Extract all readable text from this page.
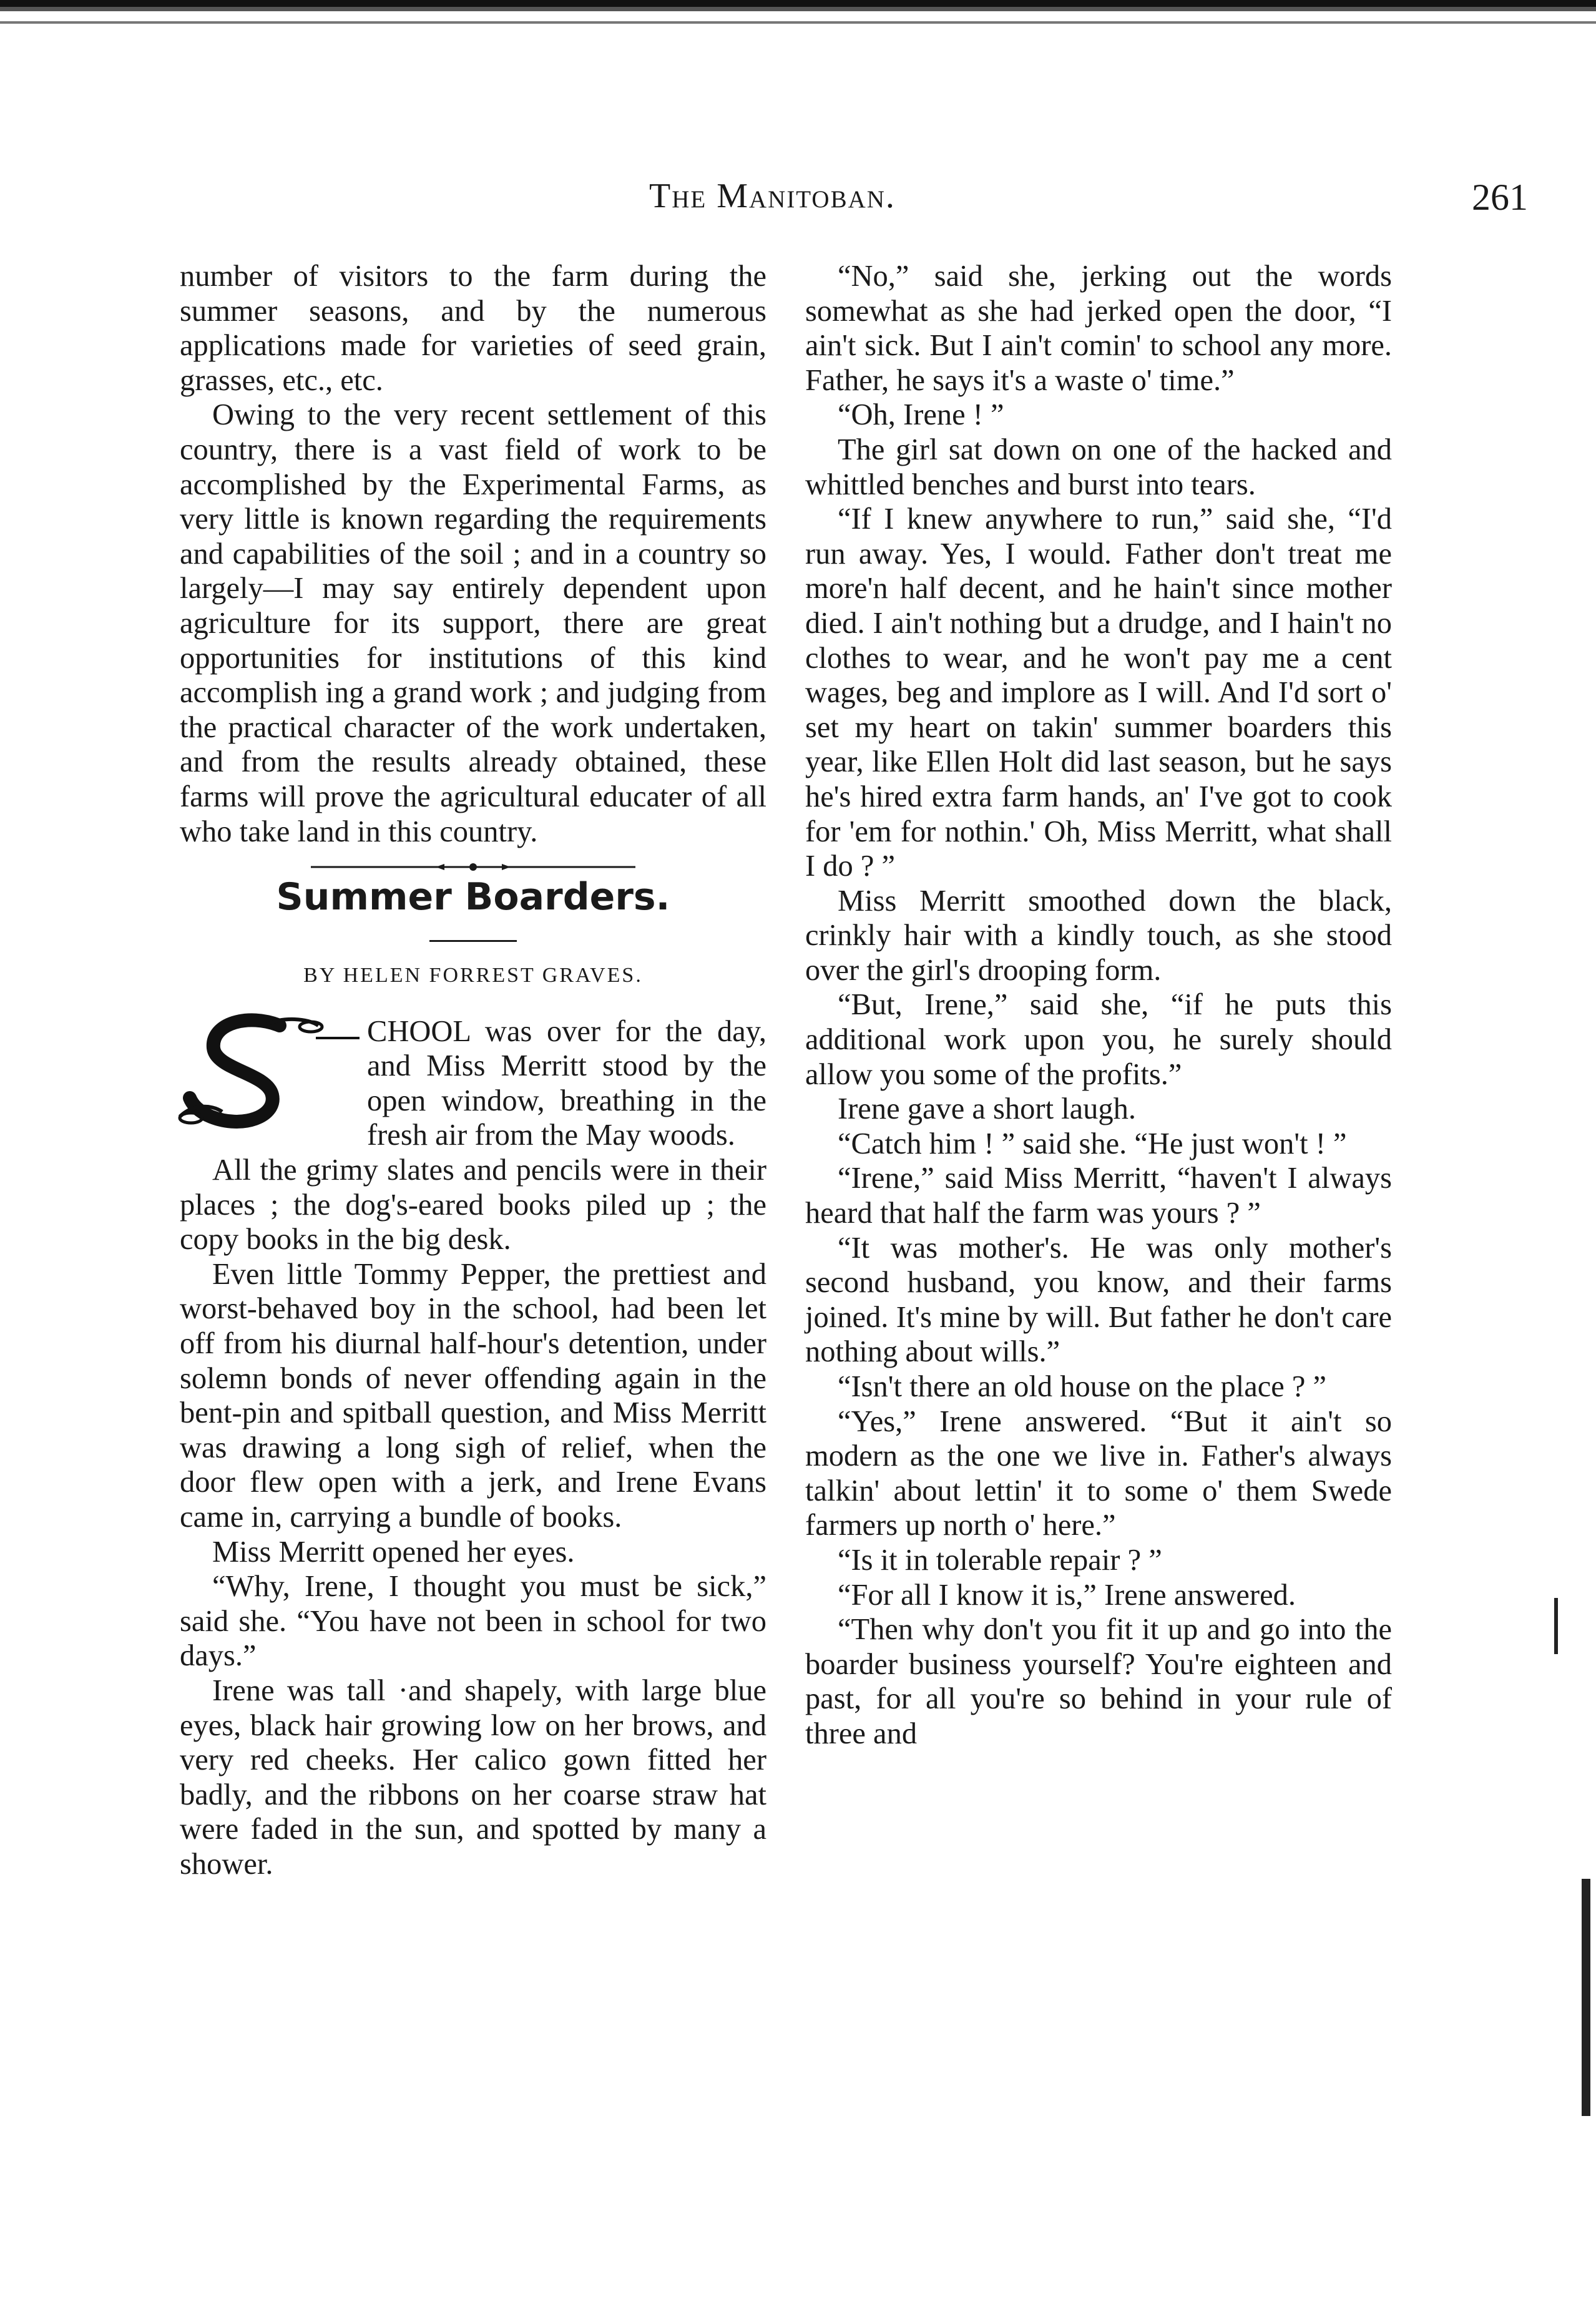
The Manitoban.	261

number of visitors to the farm during the summer seasons, and by the numerous applications made for varieties of seed grain, grasses, etc., etc.

Owing to the very recent settlement of this country, there is a vast field of work to be accomplished by the Experimental Farms, as very little is known regarding the requirements and capabilities of the soil ; and in a country so largely—I may say entirely dependent upon agriculture for its support, there are great opportunities for institutions of this kind accomplish ing a grand work ; and judging from the practical character of the work undertaken, and from the results already obtained, these farms will prove the agricultural educater of all who take land in this country.

Summer Boarders.

BY HELEN FORREST GRAVES.

CHOOL was over for the day, and Miss Merritt stood by the open window, breathing in the fresh air from the May woods.

All the grimy slates and pencils were in their places ; the dog's-eared books piled up ; the copy books in the big desk.

Even little Tommy Pepper, the prettiest and worst-behaved boy in the school, had been let off from his diurnal half-hour's detention, under solemn bonds of never offending again in the bent-pin and spitball question, and Miss Merritt was drawing a long sigh of relief, when the door flew open with a jerk, and Irene Evans came in, carrying a bundle of books.

Miss Merritt opened her eyes.

“Why, Irene, I thought you must be sick,” said she. “You have not been in school for two days.”

Irene was tall ·and shapely, with large blue eyes, black hair growing low on her brows, and very red cheeks. Her calico gown fitted her badly, and the ribbons on her coarse straw hat were faded in the sun, and spotted by many a shower.

“No,” said she, jerking out the words somewhat as she had jerked open the door, “I ain't sick. But I ain't comin' to school any more. Father, he says it's a waste o' time.”

“Oh, Irene ! ”

The girl sat down on one of the hacked and whittled benches and burst into tears.

“If I knew anywhere to run,” said she, “I'd run away. Yes, I would. Father don't treat me more'n half decent, and he hain't since mother died. I ain't nothing but a drudge, and I hain't no clothes to wear, and he won't pay me a cent wages, beg and implore as I will. And I'd sort o' set my heart on takin' summer boarders this year, like Ellen Holt did last season, but he says he's hired extra farm hands, an' I've got to cook for 'em for nothin.' Oh, Miss Merritt, what shall I do ? ”

Miss Merritt smoothed down the black, crinkly hair with a kindly touch, as she stood over the girl's drooping form.

“But, Irene,” said she, “if he puts this additional work upon you, he surely should allow you some of the profits.”

Irene gave a short laugh.

“Catch him ! ” said she. “He just won't ! ”

“Irene,” said Miss Merritt, “haven't I always heard that half the farm was yours ? ”

“It was mother's. He was only mother's second husband, you know, and their farms joined. It's mine by will. But father he don't care nothing about wills.”

“Isn't there an old house on the place ? ”

“Yes,” Irene answered. “But it ain't so modern as the one we live in. Father's always talkin' about lettin' it to some o' them Swede farmers up north o' here.”

“Is it in tolerable repair ? ”

“For all I know it is,” Irene answered.

“Then why don't you fit it up and go into the boarder business yourself? You're eighteen and past, for all you're so behind in your rule of three and
